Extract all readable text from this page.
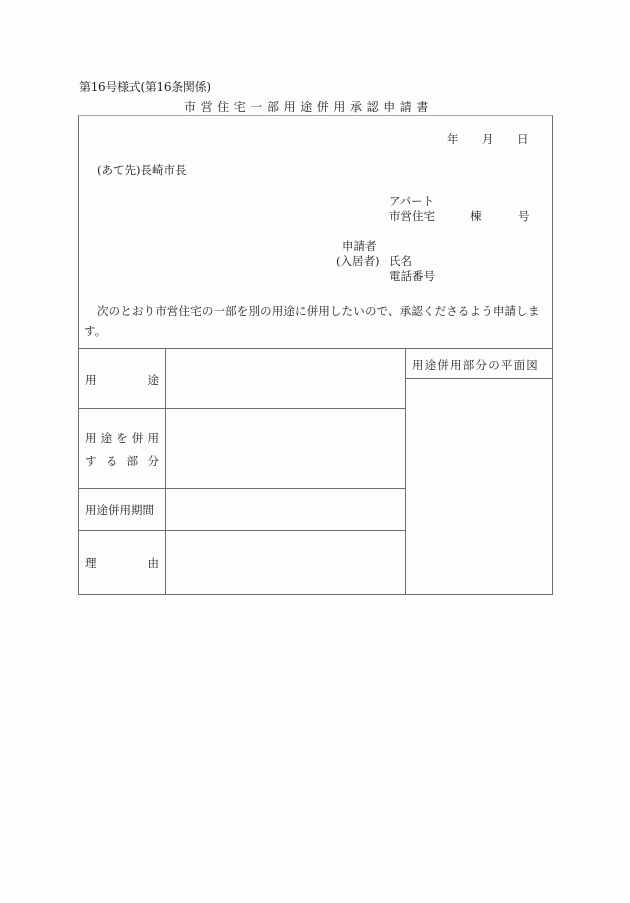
第16号様式(第16条関係)
市営住宅一部用途併用承認申請書
年 月 日
(あて先)長崎市長
アパート
市営住宅	棟	号
申請者
(入居者) 氏名
電話番号
次のとおり市営住宅の一部を別の用途に併用したいので、承認くださるよう申請しま
す。
用	途
用 途 を 併 用
す る 部 分
用途併用期間
理	由
用途併用部分の平面図
